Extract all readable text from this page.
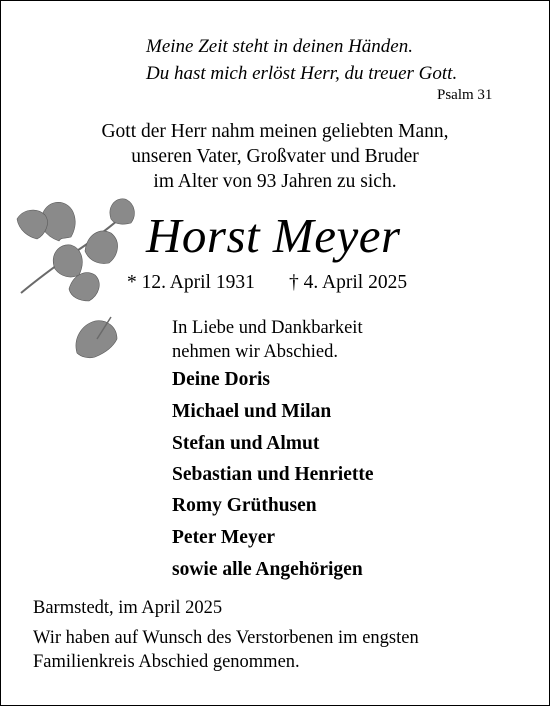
Meine Zeit steht in deinen Händen.

Du hast mich erlöst Herr, du treuer Gott.

Psalm 31

Gott der Herr nahm meinen geliebten Mann,

unseren Vater, Großvater und Bruder

im Alter von 93 Jahren zu sich.

Horst Meyer

* 12. April 1931 † 4. April 2025

In Liebe und Dankbarkeit

nehmen wir Abschied.

Deine Doris

Michael und Milan

Stefan und Almut

Sebastian und Henriette

Romy Grüthusen

Peter Meyer

sowie alle Angehörigen

Barmstedt, im April 2025

Wir haben auf Wunsch des Verstorbenen im engsten

Familienkreis Abschied genommen.
